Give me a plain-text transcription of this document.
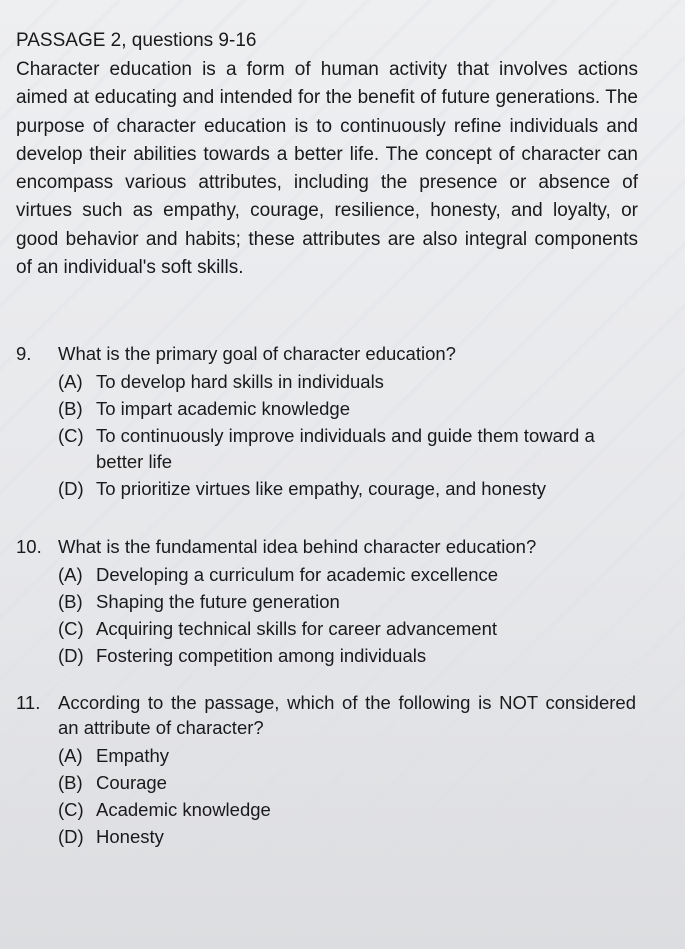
PASSAGE 2, questions 9-16

Character education is a form of human activity that involves actions aimed at educating and intended for the benefit of future generations. The purpose of character education is to continuously refine individuals and develop their abilities towards a better life. The concept of character can encompass various attributes, including the presence or absence of virtues such as empathy, courage, resilience, honesty, and loyalty, or good behavior and habits; these attributes are also integral components of an individual's soft skills.

9.	What is the primary goal of character education?
(A) To develop hard skills in individuals
(B) To impart academic knowledge
(C) To continuously improve individuals and guide them toward a better life
(D) To prioritize virtues like empathy, courage, and honesty
10. What is the fundamental idea behind character education?
(A) Developing a curriculum for academic excellence
(B) Shaping the future generation
(C) Acquiring technical skills for career advancement
(D) Fostering competition among individuals
11. According to the passage, which of the following is NOT considered an attribute of character?
(A) Empathy
(B) Courage
(C) Academic knowledge
(D) Honesty
